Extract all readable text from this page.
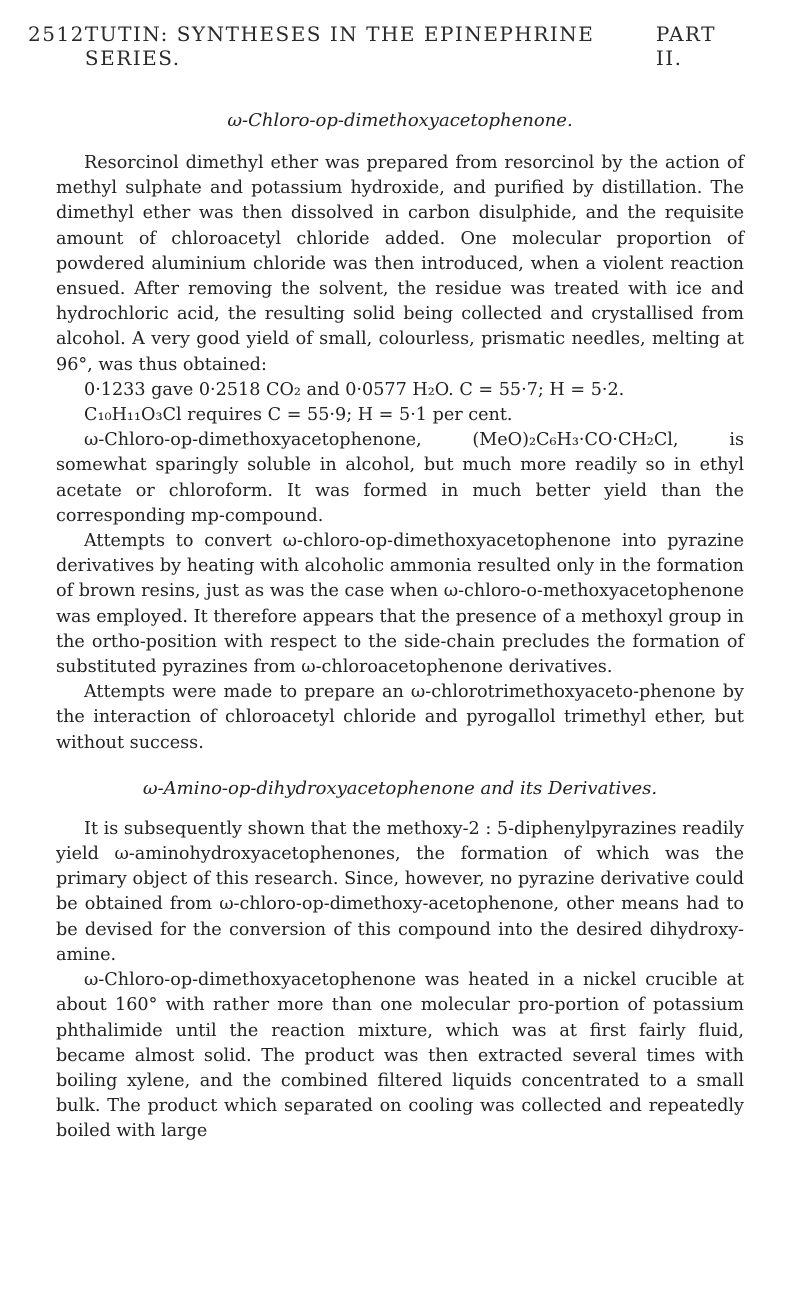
2512 TUTIN: SYNTHESES IN THE EPINEPHRINE SERIES.
PART II.
ω-Chloro-op-dimethoxyacetophenone.

Resorcinol dimethyl ether was prepared from resorcinol by the action of methyl sulphate and potassium hydroxide, and purified by distillation. The dimethyl ether was then dissolved in carbon disulphide, and the requisite amount of chloroacetyl chloride added. One molecular proportion of powdered aluminium chloride was then introduced, when a violent reaction ensued. After removing the solvent, the residue was treated with ice and hydrochloric acid, the resulting solid being collected and crystallised from alcohol. A very good yield of small, colourless, prismatic needles, melting at 96°, was thus obtained:

0·1233 gave 0·2518 CO₂ and 0·0577 H₂O. C = 55·7; H = 5·2.

C₁₀H₁₁O₃Cl requires C = 55·9; H = 5·1 per cent.

ω-Chloro-op-dimethoxyacetophenone, (MeO)₂C₆H₃·CO·CH₂Cl, is somewhat sparingly soluble in alcohol, but much more readily so in ethyl acetate or chloroform. It was formed in much better yield than the corresponding mp-compound.

Attempts to convert ω-chloro-op-dimethoxyacetophenone into pyrazine derivatives by heating with alcoholic ammonia resulted only in the formation of brown resins, just as was the case when ω-chloro-o-methoxyacetophenone was employed. It therefore appears that the presence of a methoxyl group in the ortho-position with respect to the side-chain precludes the formation of substituted pyrazines from ω-chloroacetophenone derivatives.

Attempts were made to prepare an ω-chlorotrimethoxyaceto-phenone by the interaction of chloroacetyl chloride and pyrogallol trimethyl ether, but without success.

ω-Amino-op-dihydroxyacetophenone and its Derivatives.

It is subsequently shown that the methoxy-2 : 5-diphenylpyrazines readily yield ω-aminohydroxyacetophenones, the formation of which was the primary object of this research. Since, however, no pyrazine derivative could be obtained from ω-chloro-op-dimethoxy-acetophenone, other means had to be devised for the conversion of this compound into the desired dihydroxy-amine.

ω-Chloro-op-dimethoxyacetophenone was heated in a nickel crucible at about 160° with rather more than one molecular pro-portion of potassium phthalimide until the reaction mixture, which was at first fairly fluid, became almost solid. The product was then extracted several times with boiling xylene, and the combined filtered liquids concentrated to a small bulk. The product which separated on cooling was collected and repeatedly boiled with large
